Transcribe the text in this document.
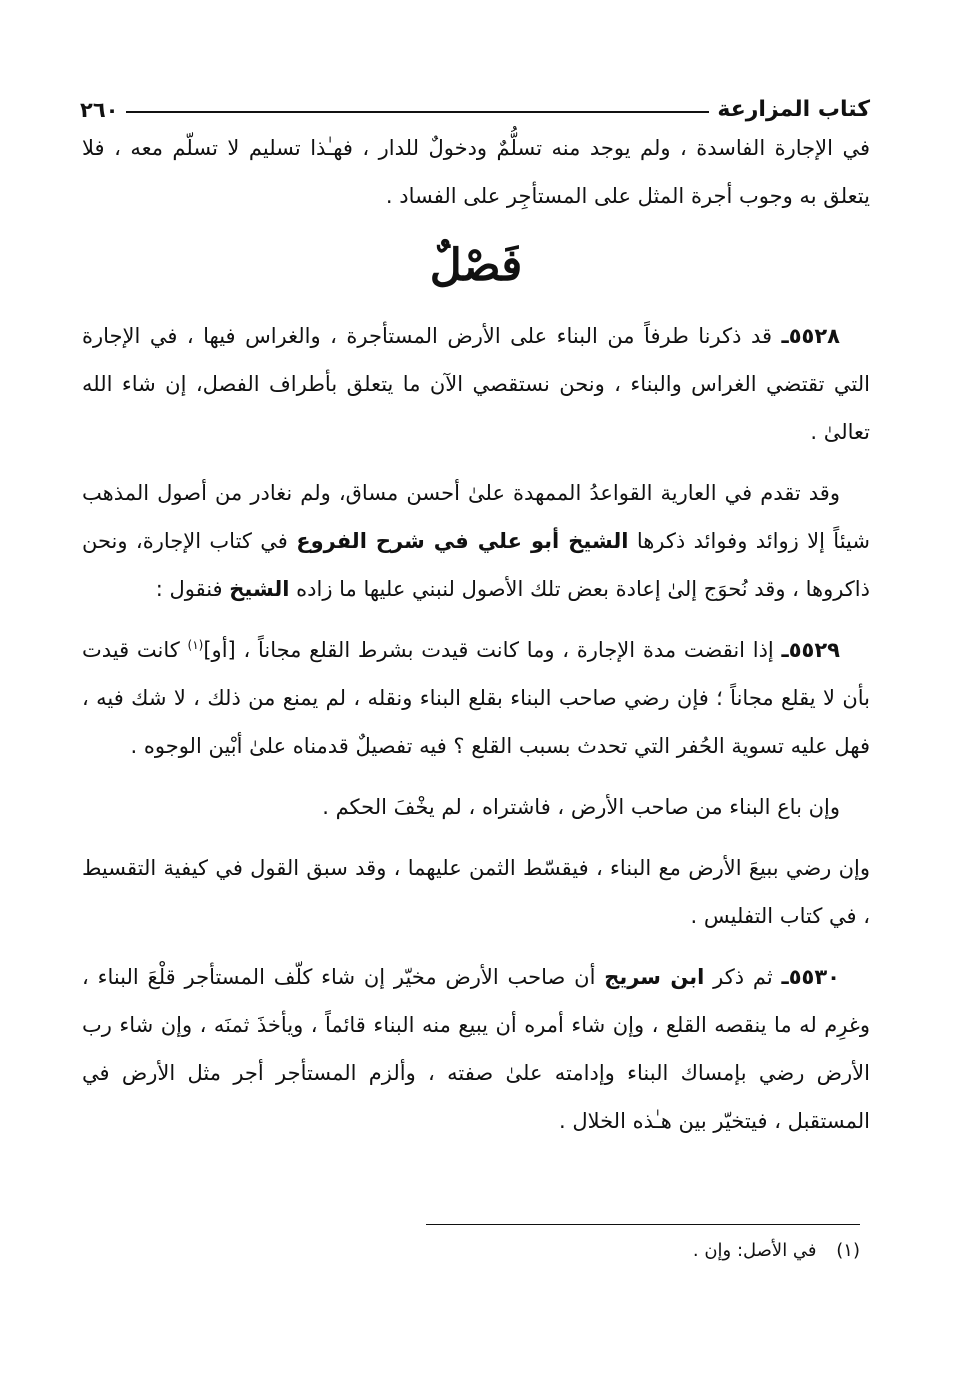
كتاب المزارعة
٢٦٠

في الإجارة الفاسدة ، ولم يوجد منه تسلُّمٌ ودخولٌ للدار ، فهـٰذا تسليم لا تسلّم معه ، فلا يتعلق به وجوب أجرة المثل على المستأجِر على الفساد .

فَصْلٌ

٥٥٢٨ـ قد ذكرنا طرفاً من البناء على الأرض المستأجرة ، والغراس فيها ، في الإجارة التي تقتضي الغراس والبناء ، ونحن نستقصي الآن ما يتعلق بأطراف الفصل، إن شاء الله تعالىٰ .

وقد تقدم في العارية القواعدُ الممهدة علىٰ أحسن مساق، ولم نغادر من أصول المذهب شيئاً إلا زوائد وفوائد ذكرها الشيخ أبو علي في شرح الفروع في كتاب الإجارة، ونحن ذاكروها ، وقد نُحوَج إلىٰ إعادة بعض تلك الأصول لنبني عليها ما زاده الشيخ فنقول :

٥٥٢٩ـ إذا انقضت مدة الإجارة ، وما كانت قيدت بشرط القلع مجاناً ، [أو]$^{(١)}$ كانت قيدت بأن لا يقلع مجاناً ؛ فإن رضي صاحب البناء بقلع البناء ونقله ، لم يمنع من ذلك ، لا شك فيه ، فهل عليه تسوية الحُفر التي تحدث بسبب القلع ؟ فيه تفصيلٌ قدمناه علىٰ أبْين الوجوه .

وإن باع البناء من صاحب الأرض ، فاشتراه ، لم يخْفَ الحكم .

وإن رضي ببيعَ الأرض مع البناء ، فيقسّط الثمن عليهما ، وقد سبق القول في كيفية التقسيط ، في كتاب التفليس .

٥٥٣٠ـ ثم ذكر ابن سريج أن صاحب الأرض مخيّر إن شاء كلّف المستأجر قلْعَ البناء ، وغرِم له ما ينقصه القلع ، وإن شاء أمره أن يبيع منه البناء قائماً ، ويأخذَ ثمنَه ، وإن شاء رب الأرض رضي بإمساك البناء وإدامته علىٰ صفته ، وألزم المستأجر أجر مثل الأرض في المستقبل ، فيتخيّر بين هـٰذه الخلال .

(١) في الأصل: وإن .
